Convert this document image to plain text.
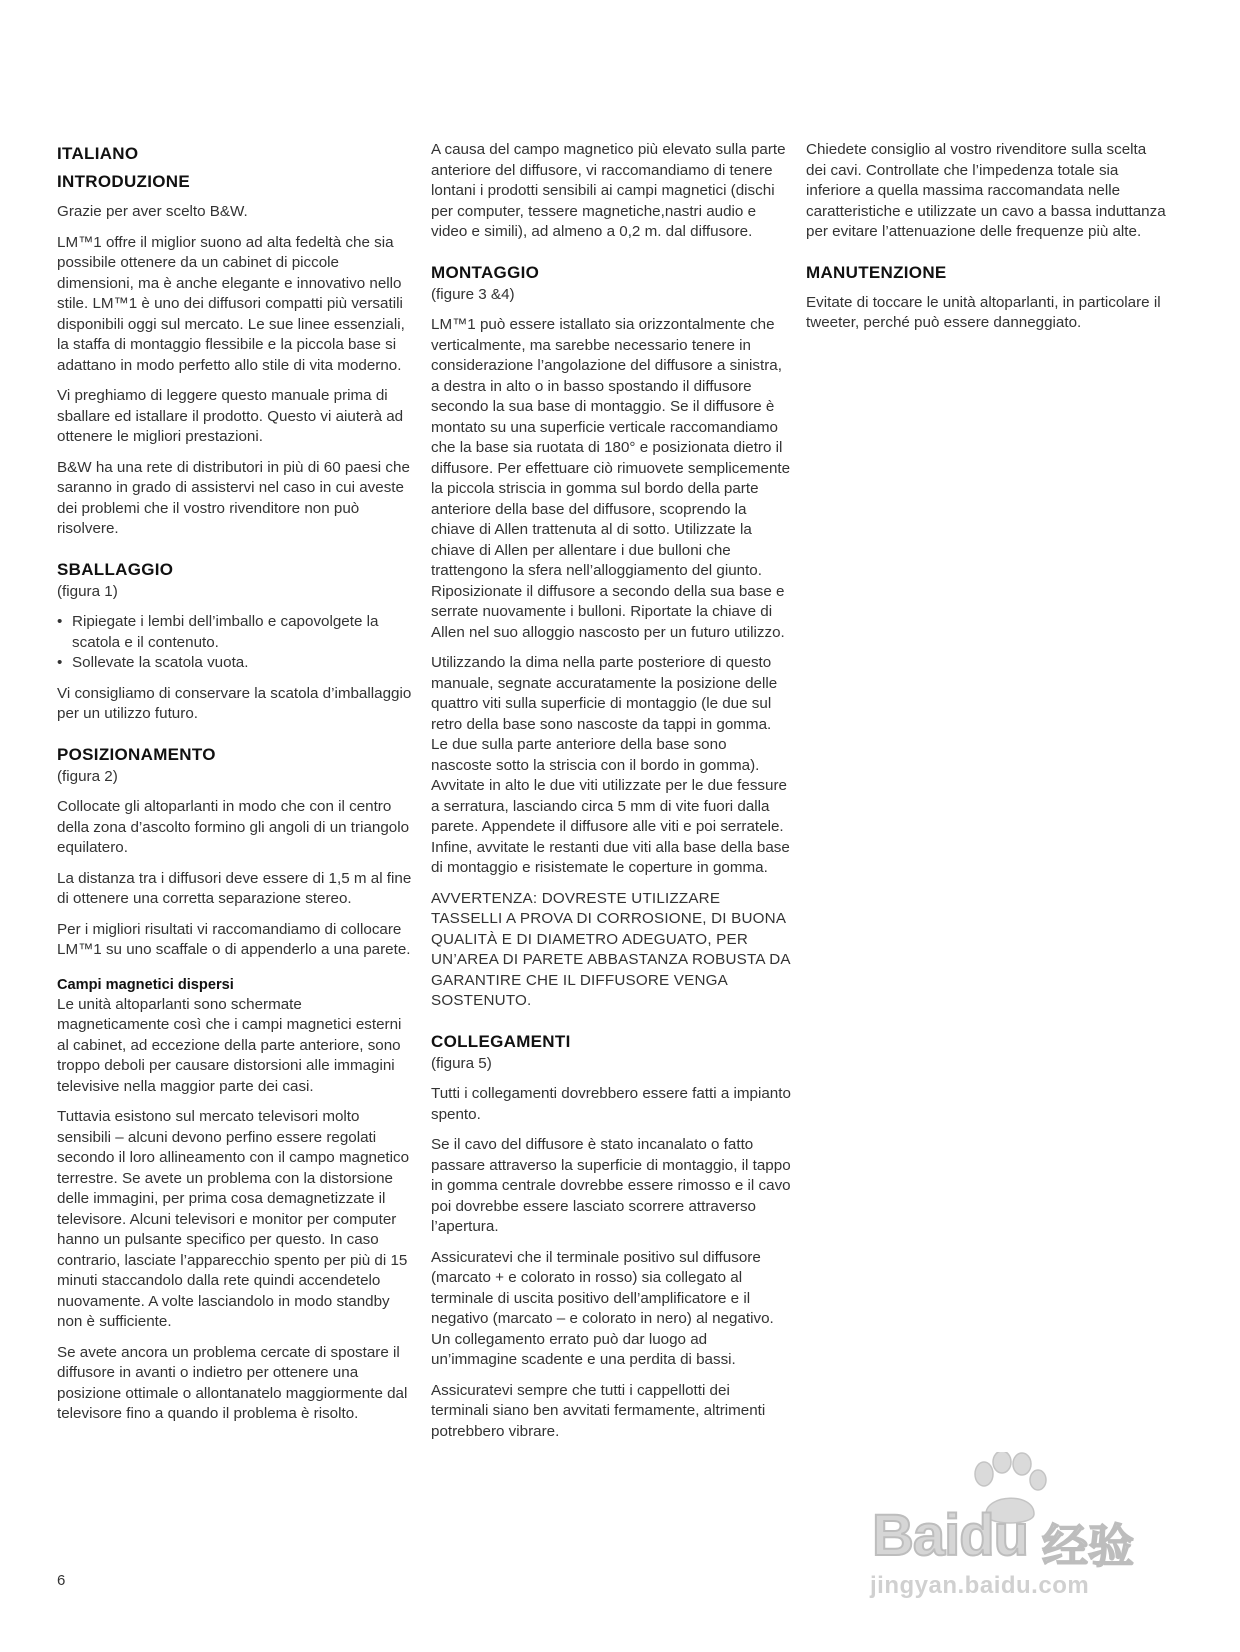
ITALIANO
INTRODUZIONE

Grazie per aver scelto B&W.

LM™1 offre il miglior suono ad alta fedeltà che sia possibile ottenere da un cabinet di piccole dimensioni, ma è anche elegante e innovativo nello stile. LM™1 è uno dei diffusori compatti più versatili disponibili oggi sul mercato. Le sue linee essenziali, la staffa di montaggio flessibile e la piccola base si adattano in modo perfetto allo stile di vita moderno.

Vi preghiamo di leggere questo manuale prima di sballare ed istallare il prodotto. Questo vi aiuterà ad ottenere le migliori prestazioni.

B&W ha una rete di distributori in più di 60 paesi che saranno in grado di assistervi nel caso in cui aveste dei problemi che il vostro rivenditore non può risolvere.

SBALLAGGIO

(figura 1)

• Ripiegate i lembi dell’imballo e capovolgete la scatola e il contenuto.
• Sollevate la scatola vuota.

Vi consigliamo di conservare la scatola d’imballaggio per un utilizzo futuro.

POSIZIONAMENTO

(figura 2)

Collocate gli altoparlanti in modo che con il centro della zona d’ascolto formino gli angoli di un triangolo equilatero.

La distanza tra i diffusori deve essere di 1,5 m al fine di ottenere una corretta separazione stereo.

Per i migliori risultati vi raccomandiamo di collocare LM™1 su uno scaffale o di appenderlo a una parete.

Campi magnetici dispersi

Le unità altoparlanti sono schermate magneticamente così che i campi magnetici esterni al cabinet, ad eccezione della parte anteriore, sono troppo deboli per causare distorsioni alle immagini televisive nella maggior parte dei casi.

Tuttavia esistono sul mercato televisori molto sensibili – alcuni devono perfino essere regolati secondo il loro allineamento con il campo magnetico terrestre. Se avete un problema con la distorsione delle immagini, per prima cosa demagnetizzate il televisore. Alcuni televisori e monitor per computer hanno un pulsante specifico per questo. In caso contrario, lasciate l’apparecchio spento per più di 15 minuti staccandolo dalla rete quindi accendetelo nuovamente. A volte lasciandolo in modo standby non è sufficiente.

Se avete ancora un problema cercate di spostare il diffusore in avanti o indietro per ottenere una posizione ottimale o allontanatelo maggiormente dal televisore fino a quando il problema è risolto.

A causa del campo magnetico più elevato sulla parte anteriore del diffusore, vi raccomandiamo di tenere lontani i prodotti sensibili ai campi magnetici (dischi per computer, tessere magnetiche,nastri audio e video e simili), ad almeno a 0,2 m. dal diffusore.

MONTAGGIO

(figure 3 &4)

LM™1 può essere istallato sia orizzontalmente che verticalmente, ma sarebbe necessario tenere in considerazione l’angolazione del diffusore a sinistra, a destra in alto o in basso spostando il diffusore secondo la sua base di montaggio. Se il diffusore è montato su una superficie verticale raccomandiamo che la base sia ruotata di 180° e posizionata dietro il diffusore. Per effettuare ciò rimuovete semplicemente la piccola striscia in gomma sul bordo della parte anteriore della base del diffusore, scoprendo la chiave di Allen trattenuta al di sotto. Utilizzate la chiave di Allen per allentare i due bulloni che trattengono la sfera nell’alloggiamento del giunto. Riposizionate il diffusore a secondo della sua base e serrate nuovamente i bulloni. Riportate la chiave di Allen nel suo alloggio nascosto per un futuro utilizzo.

Utilizzando la dima nella parte posteriore di questo manuale, segnate accuratamente la posizione delle quattro viti sulla superficie di montaggio (le due sul retro della base sono nascoste da tappi in gomma. Le due sulla parte anteriore della base sono nascoste sotto la striscia con il bordo in gomma). Avvitate in alto le due viti utilizzate per le due fessure a serratura, lasciando circa 5 mm di vite fuori dalla parete. Appendete il diffusore alle viti e poi serratele. Infine, avvitate le restanti due viti alla base della base di montaggio e risistemate le coperture in gomma.

AVVERTENZA: DOVRESTE UTILIZZARE TASSELLI A PROVA DI CORROSIONE, DI BUONA QUALITÀ E DI DIAMETRO ADEGUATO, PER UN’AREA DI PARETE ABBASTANZA ROBUSTA DA GARANTIRE CHE IL DIFFUSORE VENGA SOSTENUTO.

COLLEGAMENTI

(figura 5)

Tutti i collegamenti dovrebbero essere fatti a impianto spento.

Se il cavo del diffusore è stato incanalato o fatto passare attraverso la superficie di montaggio, il tappo in gomma centrale dovrebbe essere rimosso e il cavo poi dovrebbe essere lasciato scorrere attraverso l’apertura.

Assicuratevi che il terminale positivo sul diffusore (marcato + e colorato in rosso) sia collegato al terminale di uscita positivo dell’amplificatore e il negativo (marcato – e colorato in nero) al negativo. Un collegamento errato può dar luogo ad un’immagine scadente e una perdita di bassi.

Assicuratevi sempre che tutti i cappellotti dei terminali siano ben avvitati fermamente, altrimenti potrebbero vibrare.

Chiedete consiglio al vostro rivenditore sulla scelta dei cavi. Controllate che l’impedenza totale sia inferiore a quella massima raccomandata nelle caratteristiche e utilizzate un cavo a bassa induttanza per evitare l’attenuazione delle frequenze più alte.

MANUTENZIONE

Evitate di toccare le unità altoparlanti, in particolare il tweeter, perché può essere danneggiato.

6
Baidu 经验
jingyan.baidu.com
